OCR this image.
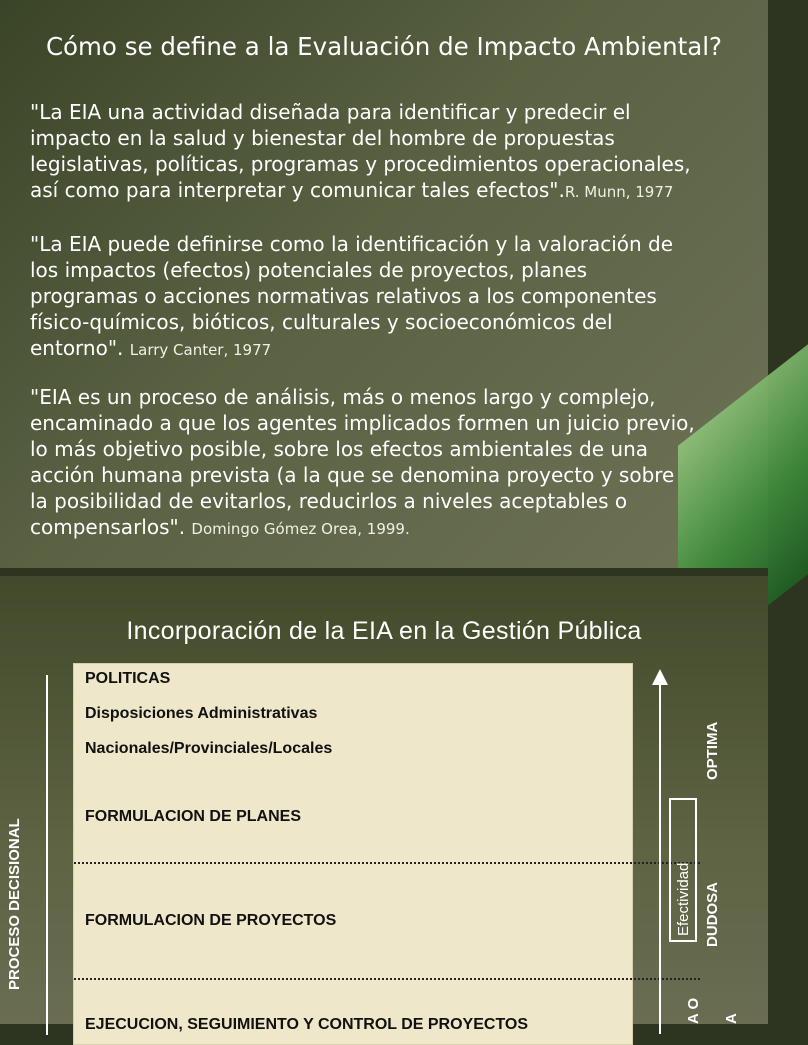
Cómo se define a la Evaluación de Impacto Ambiental?
"La EIA una actividad diseñada para identificar y predecir el
impacto en la salud y bienestar del hombre de propuestas
legislativas, políticas, programas y procedimientos operacionales,
así como para interpretar y comunicar tales efectos".R. Munn, 1977
"La EIA puede definirse como la identificación y la valoración de
los impactos (efectos) potenciales de proyectos, planes
programas o acciones normativas relativos a los componentes
físico-químicos, bióticos, culturales y socioeconómicos del
entorno". Larry Canter, 1977
"EIA es un proceso de análisis, más o menos largo y complejo,
encaminado a que los agentes implicados formen un juicio previo,
lo más objetivo posible, sobre los efectos ambientales de una
acción humana prevista (a la que se denomina proyecto y sobre
la posibilidad de evitarlos, reducirlos a niveles aceptables o
compensarlos". Domingo Gómez Orea, 1999.
Incorporación de la EIA en la Gestión Pública
PROCESO DECISIONAL
POLITICAS
Disposiciones Administrativas
Nacionales/Provinciales/Locales
FORMULACION DE PLANES
FORMULACION DE PROYECTOS
EJECUCION, SEGUIMIENTO Y CONTROL DE PROYECTOS
Efectividad
OPTIMA
DUDOSA
A O A
